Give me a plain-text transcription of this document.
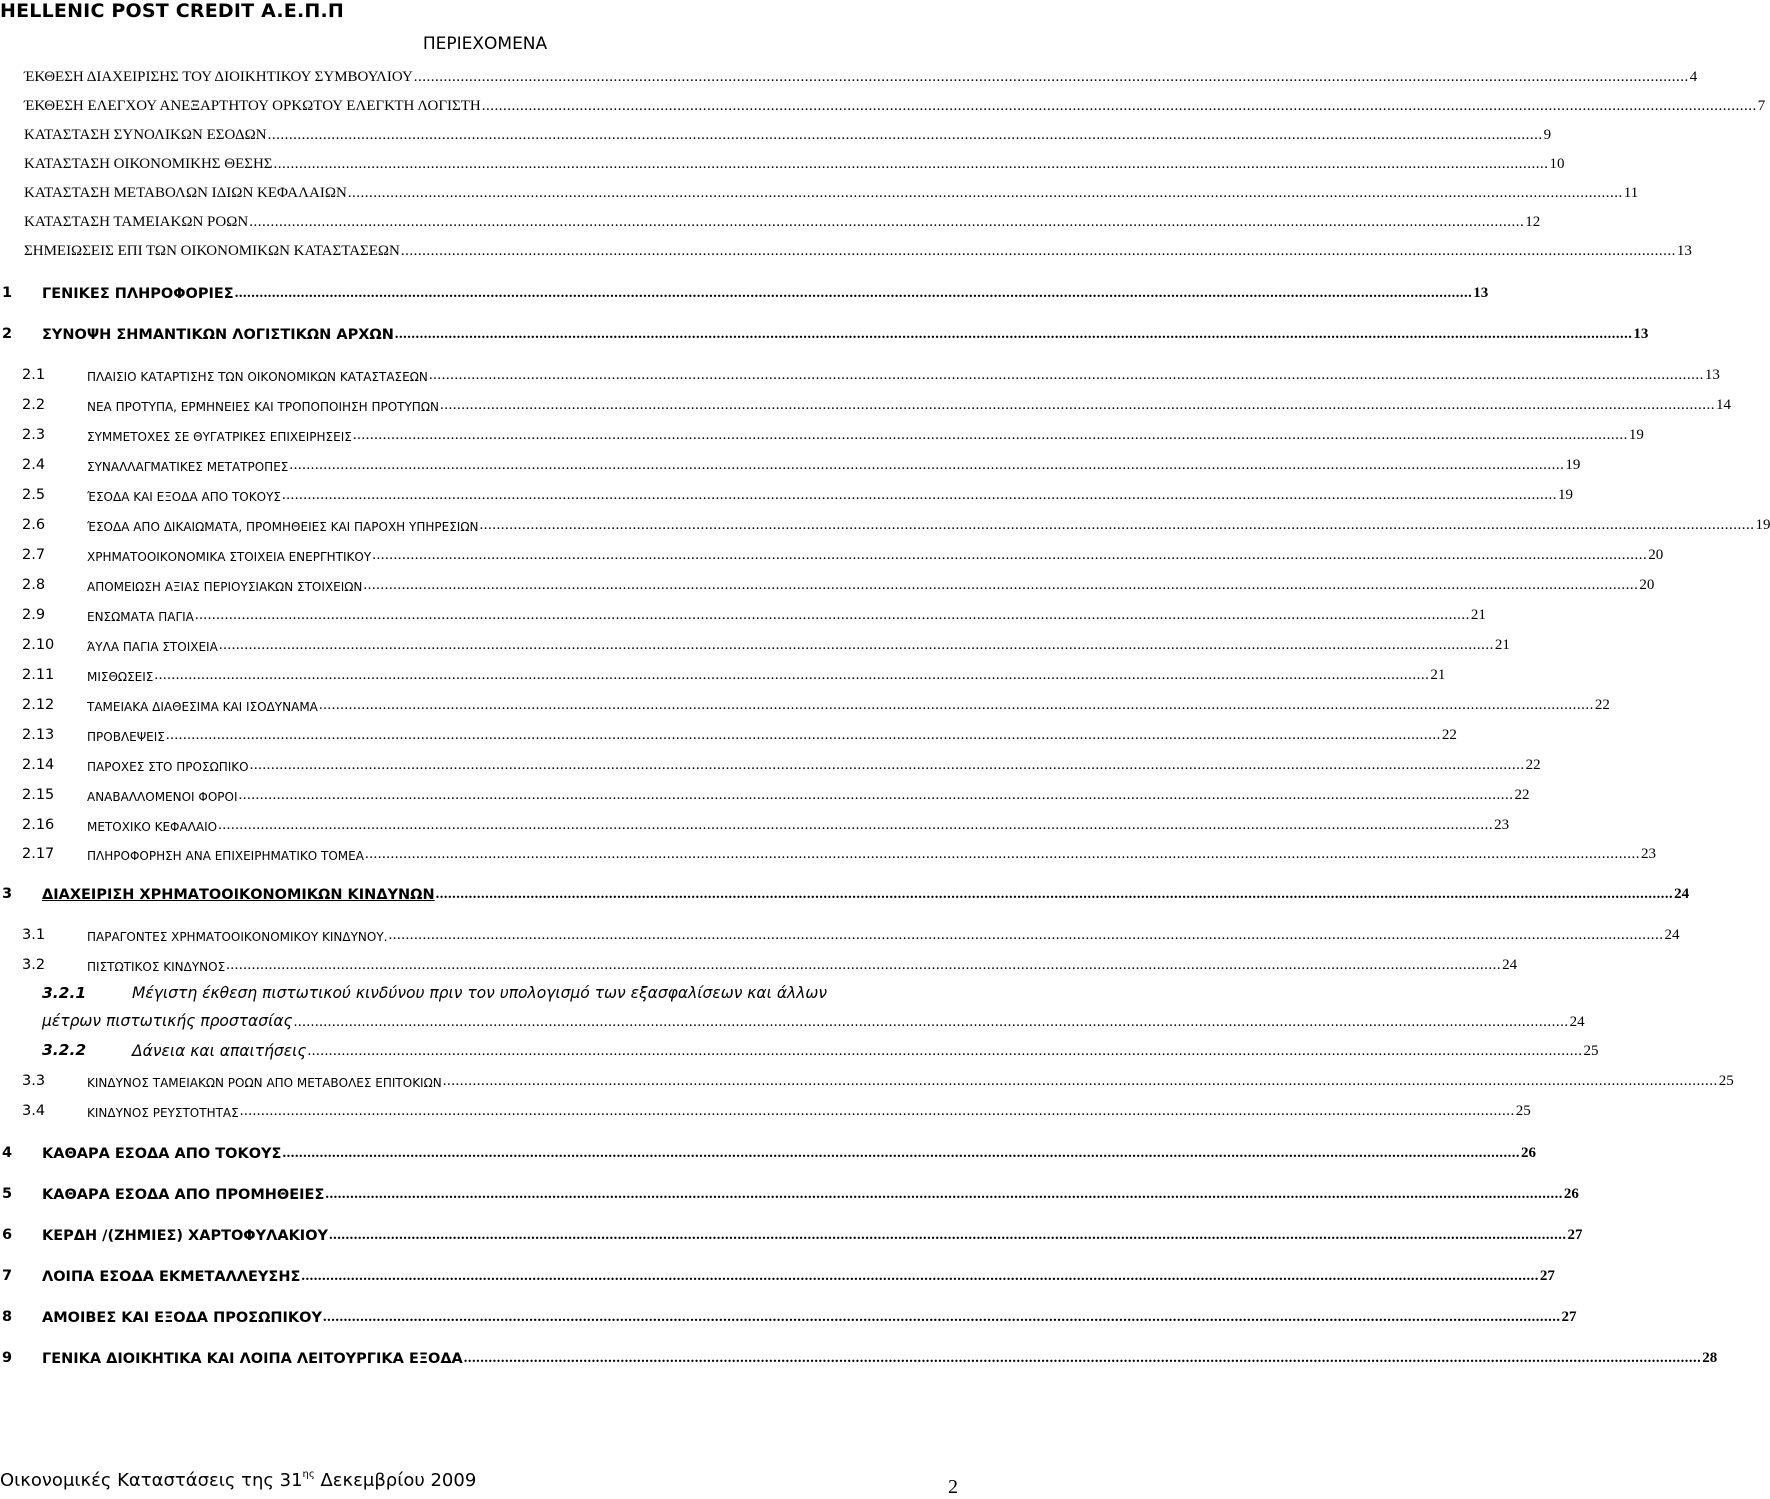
HELLENIC POST CREDIT A.E.Π.Π
ΠΕΡΙΕΧΟΜΕΝΑ
ΈΚΘΕΣΗ ΔΙΑΧΕΙΡΙΣΗΣ ΤΟΥ ΔΙΟΙΚΗΤΙΚΟΥ ΣΥΜΒΟΥΛΙΟΥ ............................................................................................................................................................................................................................................................................................................ 4
ΈΚΘΕΣΗ ΕΛΕΓΧΟΥ ΑΝΕΞΑΡΤΗΤΟΥ ΟΡΚΩΤΟΥ ΕΛΕΓΚΤΗ ΛΟΓΙΣΤΗ ............................................................................................................................................................................................................................................................................................................ 7
ΚΑΤΑΣΤΑΣΗ ΣΥΝΟΛΙΚΩΝ ΕΣΟΔΩΝ ............................................................................................................................................................................................................................................................................................................ 9
ΚΑΤΑΣΤΑΣΗ ΟΙΚΟΝΟΜΙΚΗΣ ΘΕΣΗΣ ............................................................................................................................................................................................................................................................................................................ 10
ΚΑΤΑΣΤΑΣΗ ΜΕΤΑΒΟΛΩΝ ΙΔΙΩΝ ΚΕΦΑΛΑΙΩΝ ............................................................................................................................................................................................................................................................................................................ 11
ΚΑΤΑΣΤΑΣΗ ΤΑΜΕΙΑΚΩΝ ΡΟΩΝ ............................................................................................................................................................................................................................................................................................................ 12
ΣΗΜΕΙΩΣΕΙΣ ΕΠΙ ΤΩΝ ΟΙΚΟΝΟΜΙΚΩΝ ΚΑΤΑΣΤΑΣΕΩΝ ............................................................................................................................................................................................................................................................................................................ 13
1 ΓΕΝΙΚΕΣ ΠΛΗΡΟΦΟΡΙΕΣ ............................................................................................................................................................................................................................................................................................................ 13
2 ΣΥΝΟΨΗ ΣΗΜΑΝΤΙΚΩΝ ΛΟΓΙΣΤΙΚΩΝ ΑΡΧΩΝ ............................................................................................................................................................................................................................................................................................................ 13
2.1	ΠΛΑΙΣΙΟ ΚΑΤΑΡΤΙΣΗΣ ΤΩΝ ΟΙΚΟΝΟΜΙΚΩΝ ΚΑΤΑΣΤΑΣΕΩΝ ............................................................................................................................................................................................................................................................................................................ 13
2.2	ΝΕΑ ΠΡΟΤΥΠΑ, ΕΡΜΗΝΕΙΕΣ ΚΑΙ ΤΡΟΠΟΠΟΙΗΣΗ ΠΡΟΤΥΠΩΝ ............................................................................................................................................................................................................................................................................................................ 14
2.3	ΣΥΜΜΕΤΟΧΕΣ ΣΕ ΘΥΓΑΤΡΙΚΕΣ ΕΠΙΧΕΙΡΗΣΕΙΣ ............................................................................................................................................................................................................................................................................................................ 19
2.4	ΣΥΝΑΛΛΑΓΜΑΤΙΚΕΣ ΜΕΤΑΤΡΟΠΕΣ ............................................................................................................................................................................................................................................................................................................ 19
2.5	ΈΣΟΔΑ ΚΑΙ ΕΞΟΔΑ ΑΠΟ ΤΟΚΟΥΣ ............................................................................................................................................................................................................................................................................................................ 19
2.6	ΈΣΟΔΑ ΑΠΟ ΔΙΚΑΙΩΜΑΤΑ, ΠΡΟΜΗΘΕΙΕΣ ΚΑΙ ΠΑΡΟΧΗ ΥΠΗΡΕΣΙΩΝ ............................................................................................................................................................................................................................................................................................................ 19
2.7	ΧΡΗΜΑΤΟΟΙΚΟΝΟΜΙΚΑ ΣΤΟΙΧΕΙΑ ΕΝΕΡΓΗΤΙΚΟΥ ............................................................................................................................................................................................................................................................................................................ 20
2.8	ΑΠΟΜΕΙΩΣΗ ΑΞΙΑΣ ΠΕΡΙΟΥΣΙΑΚΩΝ ΣΤΟΙΧΕΙΩΝ ............................................................................................................................................................................................................................................................................................................ 20
2.9	ΕΝΣΩΜΑΤΑ ΠΑΓΙΑ ............................................................................................................................................................................................................................................................................................................ 21
2.10	ΆΥΛΑ ΠΑΓΙΑ ΣΤΟΙΧΕΙΑ ............................................................................................................................................................................................................................................................................................................ 21
2.11	ΜΙΣΘΩΣΕΙΣ ............................................................................................................................................................................................................................................................................................................ 21
2.12	ΤΑΜΕΙΑΚΑ ΔΙΑΘΕΣΙΜΑ ΚΑΙ ΙΣΟΔΥΝΑΜΑ ............................................................................................................................................................................................................................................................................................................ 22
2.13	ΠΡΟΒΛΕΨΕΙΣ ............................................................................................................................................................................................................................................................................................................ 22
2.14	ΠΑΡΟΧΕΣ ΣΤΟ ΠΡΟΣΩΠΙΚΟ ............................................................................................................................................................................................................................................................................................................ 22
2.15	ΑΝΑΒΑΛΛΟΜΕΝΟΙ ΦΟΡΟΙ ............................................................................................................................................................................................................................................................................................................ 22
2.16	ΜΕΤΟΧΙΚΟ ΚΕΦΑΛΑΙΟ ............................................................................................................................................................................................................................................................................................................ 23
2.17	ΠΛΗΡΟΦΟΡΗΣΗ ΑΝΑ ΕΠΙΧΕΙΡΗΜΑΤΙΚΟ ΤΟΜΕΑ ............................................................................................................................................................................................................................................................................................................ 23
3 ΔΙΑΧΕΙΡΙΣΗ ΧΡΗΜΑΤΟΟΙΚΟΝΟΜΙΚΩΝ ΚΙΝΔΥΝΩΝ ............................................................................................................................................................................................................................................................................................................ 24
3.1	ΠΑΡΑΓΟΝΤΕΣ ΧΡΗΜΑΤΟΟΙΚΟΝΟΜΙΚΟΥ ΚΙΝΔΥΝΟΥ. ............................................................................................................................................................................................................................................................................................................ 24
3.2	ΠΙΣΤΩΤΙΚΟΣ ΚΙΝΔΥΝΟΣ ............................................................................................................................................................................................................................................................................................................ 24
3.2.1	Μέγιστη έκθεση πιστωτικού κινδύνου πριν τον υπολογισμό των εξασφαλίσεων και άλλων
μέτρων πιστωτικής προστασίας ............................................................................................................................................................................................................................................................................................................ 24
3.2.2	Δάνεια και απαιτήσεις ............................................................................................................................................................................................................................................................................................................ 25
3.3	ΚΙΝΔΥΝΟΣ ΤΑΜΕΙΑΚΩΝ ΡΟΩΝ ΑΠΟ ΜΕΤΑΒΟΛΕΣ ΕΠΙΤΟΚΙΩΝ ............................................................................................................................................................................................................................................................................................................ 25
3.4	ΚΙΝΔΥΝΟΣ ΡΕΥΣΤΟΤΗΤΑΣ ............................................................................................................................................................................................................................................................................................................ 25
4 ΚΑΘΑΡΑ ΕΣΟΔΑ ΑΠΟ ΤΟΚΟΥΣ ............................................................................................................................................................................................................................................................................................................ 26
5 ΚΑΘΑΡΑ ΕΣΟΔΑ ΑΠΟ ΠΡΟΜΗΘΕΙΕΣ ............................................................................................................................................................................................................................................................................................................ 26
6 ΚΕΡΔΗ /(ΖΗΜΙΕΣ) ΧΑΡΤΟΦΥΛΑΚΙΟΥ ............................................................................................................................................................................................................................................................................................................ 27
7 ΛΟΙΠΑ ΕΣΟΔΑ ΕΚΜΕΤΑΛΛΕΥΣΗΣ ............................................................................................................................................................................................................................................................................................................ 27
8 ΑΜΟΙΒΕΣ ΚΑΙ ΕΞΟΔΑ ΠΡΟΣΩΠΙΚΟΥ ............................................................................................................................................................................................................................................................................................................ 27
9 ΓΕΝΙΚΑ ΔΙΟΙΚΗΤΙΚΑ ΚΑΙ ΛΟΙΠΑ ΛΕΙΤΟΥΡΓΙΚΑ ΕΞΟΔΑ ............................................................................................................................................................................................................................................................................................................ 28
Οικονομικές Καταστάσεις της $31^{\eta\varsigma}$ Δεκεμβρίου 2009	2
